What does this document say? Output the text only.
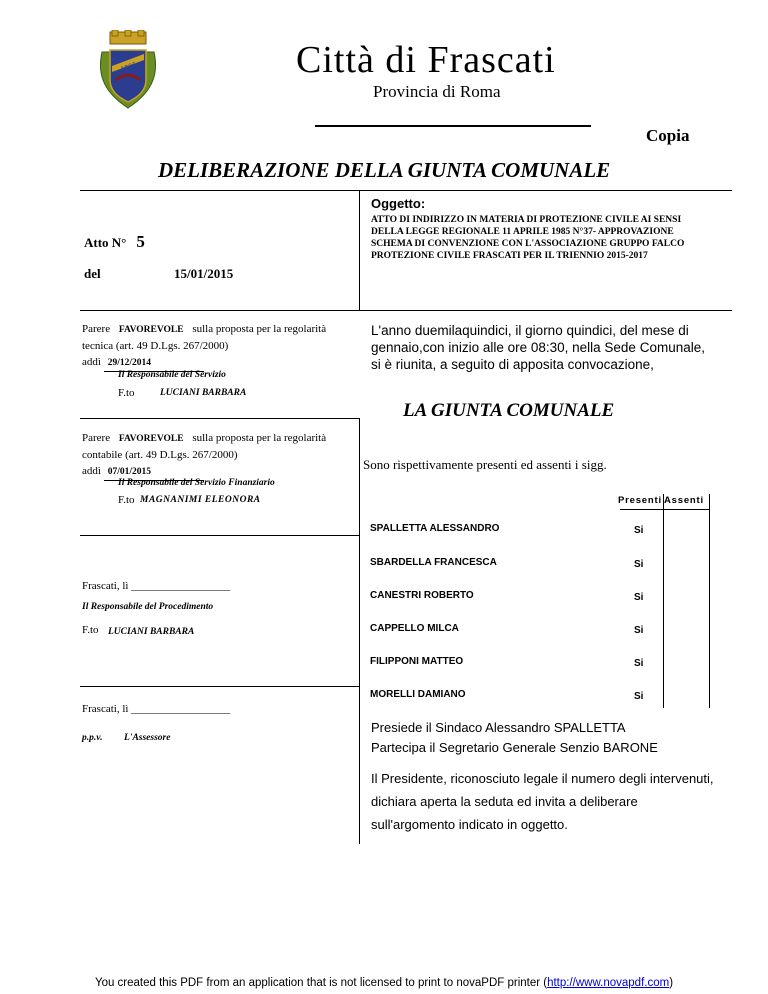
S·P·Q·T	Città di Frascati
Provincia di Roma
Copia
DELIBERAZIONE DELLA GIUNTA COMUNALE
Atto N° 5
del	15/01/2015
Oggetto:
ATTO DI INDIRIZZO IN MATERIA DI PROTEZIONE CIVILE AI SENSI DELLA LEGGE REGIONALE 11 APRILE 1985 N°37- APPROVAZIONE SCHEMA DI CONVENZIONE CON L'ASSOCIAZIONE GRUPPO FALCO PROTEZIONE CIVILE FRASCATI PER IL TRIENNIO 2015-2017
Parere FAVOREVOLE sulla proposta per la regolarità
tecnica (art. 49 D.Lgs. 267/2000)
addì 29/12/2014
Il Responsabile del Servizio
F.to	LUCIANI BARBARA
Parere FAVOREVOLE sulla proposta per la regolarità
contabile (art. 49 D.Lgs. 267/2000)
addì 07/01/2015
Il Responsabile del Servizio Finanziario
F.to MAGNANIMI ELEONORA
Frascati, lì __________________
Il Responsabile del Procedimento
F.to LUCIANI BARBARA
Frascati, lì __________________
p.p.v. L'Assessore
L'anno duemilaquindici, il giorno quindici, del mese di gennaio,con inizio alle ore 08:30, nella Sede Comunale, si è riunita, a seguito di apposita convocazione,
LA GIUNTA COMUNALE
Sono rispettivamente presenti ed assenti i sigg.
Presenti Assenti
SPALLETTA ALESSANDRO	Si
SBARDELLA FRANCESCA	Si
CANESTRI ROBERTO	Si
CAPPELLO MILCA	Si
FILIPPONI MATTEO	Si
MORELLI DAMIANO	Si
Presiede il Sindaco Alessandro SPALLETTA
Partecipa il Segretario Generale Senzio BARONE
Il Presidente, riconosciuto legale il numero degli intervenuti, dichiara aperta la seduta ed invita a deliberare sull'argomento indicato in oggetto.
You created this PDF from an application that is not licensed to print to novaPDF printer (http://www.novapdf.com)
